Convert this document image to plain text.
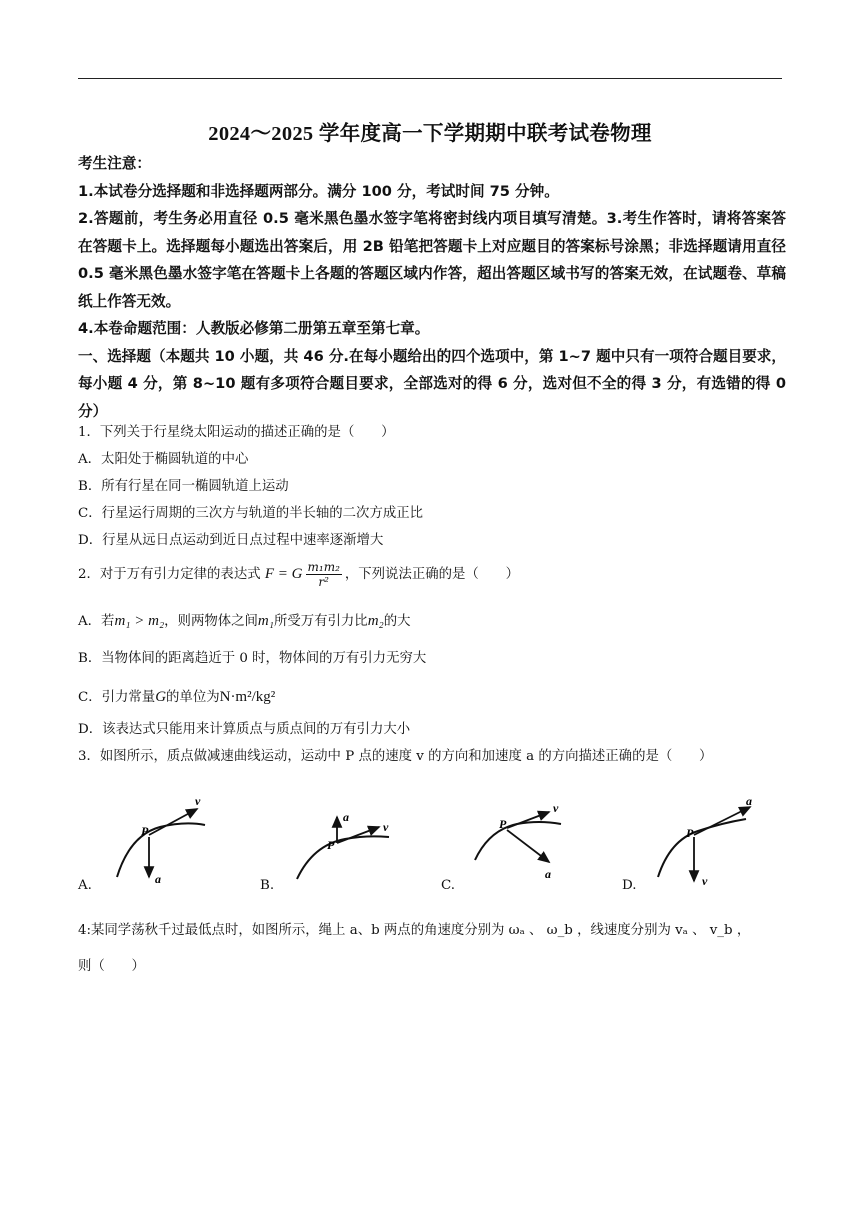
2024～2025 学年度高一下学期期中联考试卷物理
考生注意：
1.本试卷分选择题和非选择题两部分。满分 100 分，考试时间 75 分钟。
2.答题前，考生务必用直径 0.5 毫米黑色墨水签字笔将密封线内项目填写清楚。3.考生作答时，请将答案答在答题卡上。选择题每小题选出答案后，用 2B 铅笔把答题卡上对应题目的答案标号涂黑；非选择题请用直径 0.5 毫米黑色墨水签字笔在答题卡上各题的答题区域内作答，超出答题区域书写的答案无效，在试题卷、草稿纸上作答无效。
4.本卷命题范围：人教版必修第二册第五章至第七章。
一、选择题（本题共 10 小题，共 46 分.在每小题给出的四个选项中，第 1~7 题中只有一项符合题目要求，每小题 4 分，第 8~10 题有多项符合题目要求，全部选对的得 6 分，选对但不全的得 3 分，有选错的得 0 分）
1．下列关于行星绕太阳运动的描述正确的是（　　）
A．太阳处于椭圆轨道的中心
B．所有行星在同一椭圆轨道上运动
C．行星运行周期的三次方与轨道的半长轴的二次方成正比
D．行星从远日点运动到近日点过程中速率逐渐增大
2．对于万有引力定律的表达式 F = G $\frac{\text{m₁m₂}}{\text{r²}}$ ，下列说法正确的是（　　）
A．若m₁ > m₂，则两物体之间m₁所受万有引力比m₂的大
B．当物体间的距离趋近于 0 时，物体间的万有引力无穷大
C．引力常量G的单位为N·m²/kg²
D．该表达式只能用来计算质点与质点间的万有引力大小
3．如图所示，质点做减速曲线运动，运动中 P 点的速度 v 的方向和加速度 a 的方向描述正确的是（　　）
P
v
a
A.
P
a
v
B.
P
v
a
C.
P
a
v
D.
4:某同学荡秋千过最低点时，如图所示，绳上 a、b 两点的角速度分别为 ωₐ 、 ω_b ，线速度分别为 vₐ 、 v_b ，
则（　　）
